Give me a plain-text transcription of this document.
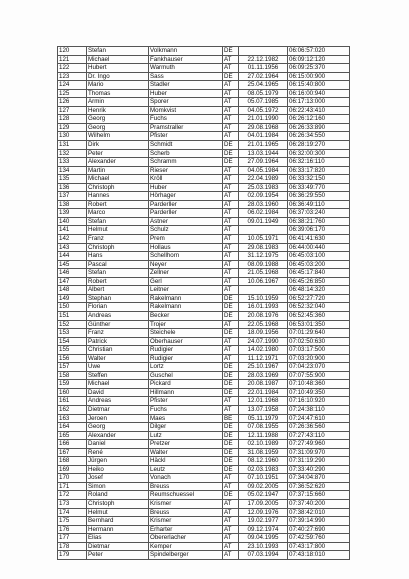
120	Stefan	Volkmann	DE		06:06:57:020
121	Michael	Fankhauser	AT	22.12.1982	06:09:12:120
122	Hubert	Warmuth	AT	01.11.1956	06:09:25:370
123	Dr. Ingo	Sass	DE	27.02.1964	06:15:00:900
124	Mario	Stadler	AT	25.04.1965	06:15:40:800
125	Thomas	Huber	AT	08.05.1979	06:16:00:940
126	Armin	Sporer	AT	05.07.1985	06:17:13:000
127	Henrik	Momkvist	AT	04.05.1972	06:22:43:410
128	Georg	Fuchs	AT	21.01.1990	06:26:12:160
129	Georg	Pramstraller	AT	29.08.1968	06:26:33:890
130	Wilhelm	Pfister	AT	04.01.1984	06:26:34:550
131	Dirk	Schmidt	DE	21.01.1965	06:28:19:270
132	Peter	Scherb	DE	13.03.1944	06:32:00:300
133	Alexander	Schramm	DE	27.09.1964	06:32:16:110
134	Martin	Rieser	AT	04.05.1984	06:33:17:820
135	Michael	Kröll	AT	22.04.1989	06:33:32:150
136	Christoph	Huber	AT	25.03.1983	06:33:49:770
137	Hannes	Hörhager	AT	02.09.1954	06:36:29:550
138	Robert	Parderller	AT	28.03.1960	06:36:49:110
139	Marco	Parderller	AT	06.02.1984	06:37:03:240
140	Stefan	Astner	AT	09.01.1949	06:38:21:760
141	Helmut	Schulz	AT		06:39:06:170
142	Franz	Prem	AT	10.05.1971	06:41:41:630
143	Christoph	Hollaus	AT	29.08.1983	06:44:00:440
144	Hans	Schellhorn	AT	31.12.1975	06:45:03:100
145	Pascal	Neyer	AT	08.09.1988	06:45:03:200
146	Stefan	Zellner	AT	21.05.1968	06:45:17:840
147	Robert	Gerl	AT	10.06.1967	06:45:26:850
148	Albert	Leitner	AT		06:48:14:320
149	Stephan	Rakelmann	DE	15.10.1959	06:52:27:720
150	Florian	Rakelmann	DE	16.01.1993	06:52:32:040
151	Andreas	Becker	DE	20.08.1976	06:52:45:360
152	Günther	Trojer	AT	22.05.1968	06:53:01:350
153	Franz	Steichele	DE	18.09.1956	07:01:29:640
154	Patrick	Oberhauser	AT	24.07.1990	07:02:50:630
155	Christian	Rudigier	AT	14.02.1980	07:03:17:500
156	Walter	Rudigier	AT	11.12.1971	07:03:20:900
157	Uwe	Lortz	DE	25.10.1967	07:04:23:070
158	Steffen	Guschel	DE	28.03.1969	07:07:55:900
159	Michael	Pickard	DE	20.08.1987	07:10:48:360
160	David	Hillmann	DE	22.01.1984	07:10:49:350
161	Andreas	Pfister	AT	12.01.1968	07:16:10:920
162	Dietmar	Fuchs	AT	13.07.1958	07:24:38:110
163	Jeroen	Maes	BE	05.11.1979	07:24:47:610
164	Georg	Dilger	DE	07.08.1955	07:26:36:560
165	Alexander	Lutz	DE	12.11.1988	07:27:43:110
166	Daniel	Pretzer	DE	02.10.1989	07:27:49:960
167	René	Walter	DE	31.08.1959	07:31:09:970
168	Jürgen	Häckl	DE	08.12.1960	07:31:19:290
169	Heiko	Leutz	DE	02.03.1983	07:33:40:290
170	Josef	Vonach	AT	07.10.1951	07:34:04:870
171	Simon	Breuss	AT	09.02.2005	07:36:52:620
172	Roland	Reumschuessel	DE	05.02.1947	07:37:15:660
173	Christoph	Krismer	AT	17.09.2005	07:37:40:200
174	Helmut	Breuss	AT	12.09.1976	07:38:42:010
175	Bernhard	Krismer	AT	19.02.1977	07:39:14:990
176	Hermann	Erharter	AT	09.12.1974	07:40:27:690
177	Elias	Obererlacher	AT	09.04.1995	07:42:59:760
178	Dietmar	Kemper	AT	23.10.1993	07:43:17:800
179	Peter	Spindelberger	AT	07.03.1994	07:43:18:010
